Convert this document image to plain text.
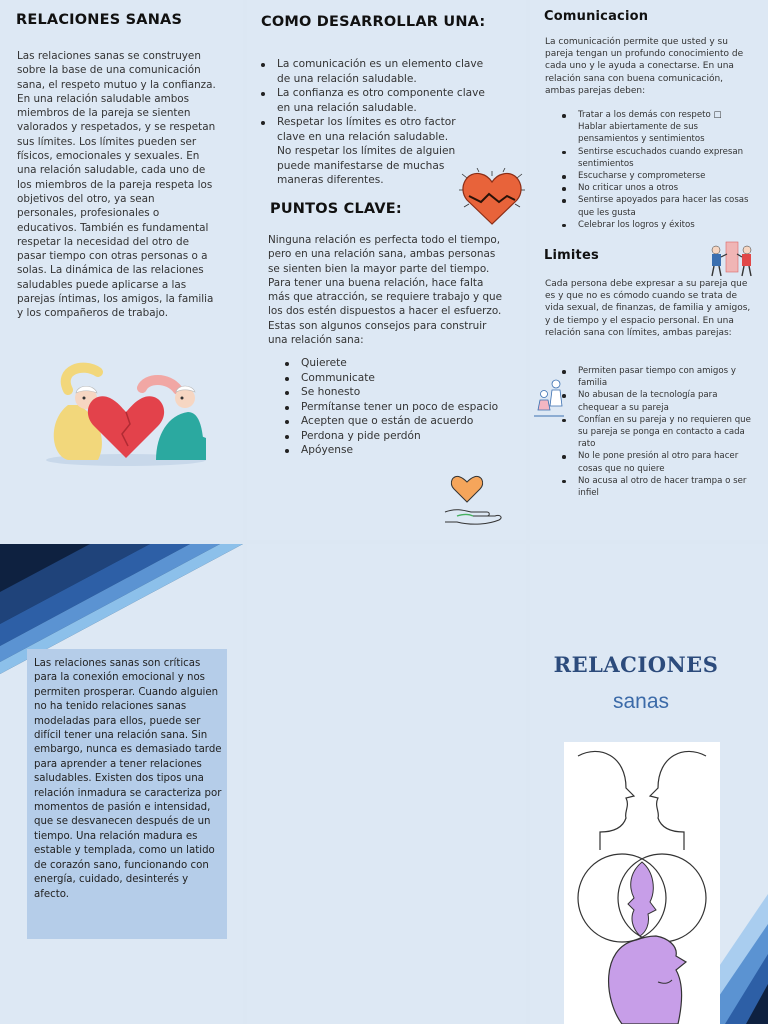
RELACIONES SANAS

Las relaciones sanas se construyen sobre la base de una comunicación sana, el respeto mutuo y la confianza. En una relación saludable ambos miembros de la pareja se sienten valorados y respetados, y se respetan sus límites. Los límites pueden ser físicos, emocionales y sexuales. En una relación saludable, cada uno de los miembros de la pareja respeta los objetivos del otro, ya sean personales, profesionales o educativos. También es fundamental respetar la necesidad del otro de pasar tiempo con otras personas o a solas. La dinámica de las relaciones saludables puede aplicarse a las parejas íntimas, los amigos, la familia y los compañeros de trabajo.

COMO DESARROLLAR UNA:
La comunicación es un elemento clave de una relación saludable.
La confianza es otro componente clave en una relación saludable.
Respetar los límites es otro factor clave en una relación saludable. No respetar los límites de alguien puede manifestarse de muchas maneras diferentes.
PUNTOS CLAVE:

Ninguna relación es perfecta todo el tiempo, pero en una relación sana, ambas personas se sienten bien la mayor parte del tiempo. Para tener una buena relación, hace falta más que atracción, se requiere trabajo y que los dos estén dispuestos a hacer el esfuerzo. Estas son algunos consejos para construir una relación sana:

Quierete
Communicate
Se honesto
Permítanse tener un poco de espacio
Acepten que o están de acuerdo
Perdona y pide perdón
Apóyense
Comunicacion

La comunicación permite que usted y su pareja tengan un profundo conocimiento de cada uno y le ayuda a conectarse. En una relación sana con buena comunicación, ambas parejas deben:

Tratar a los demás con respeto □ Hablar abiertamente de sus pensamientos y sentimientos
Sentirse escuchados cuando expresan sentimientos
Escucharse y comprometerse
No criticar unos a otros
Sentirse apoyados para hacer las cosas que les gusta
Celebrar los logros y éxitos
Limites

Cada persona debe expresar a su pareja que es y que no es cómodo cuando se trata de vida sexual, de finanzas, de familia y amigos, y de tiempo y el espacio personal. En una relación sana con límites, ambas parejas:

Permiten pasar tiempo con amigos y familia
No abusan de la tecnología para chequear a su pareja
Confían en su pareja y no requieren que su pareja se ponga en contacto a cada rato
No le pone presión al otro para hacer cosas que no quiere
No acusa al otro de hacer trampa o ser infiel

Las relaciones sanas son críticas para la conexión emocional y nos permiten prosperar. Cuando alguien no ha tenido relaciones sanas modeladas para ellos, puede ser difícil tener una relación sana. Sin embargo, nunca es demasiado tarde para aprender a tener relaciones saludables. Existen dos tipos una relación inmadura se caracteriza por momentos de pasión e intensidad, que se desvanecen después de un tiempo. Una relación madura es estable y templada, como un latido de corazón sano, funcionando con energía, cuidado, desinterés y afecto.

RELACIONES
sanas
